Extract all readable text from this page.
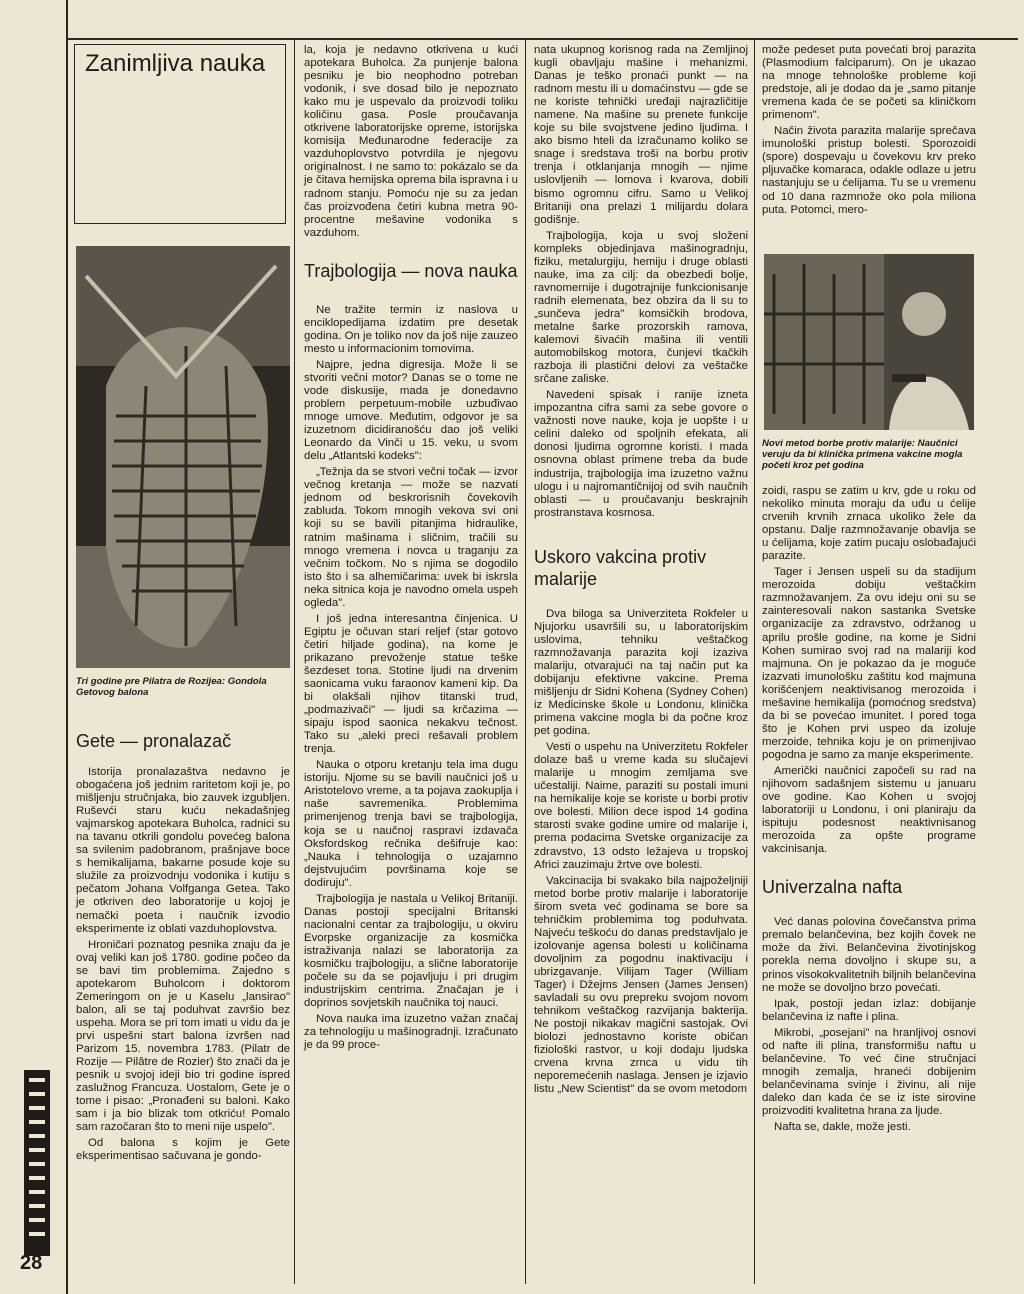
28
Zanimljiva nauka
Tri godine pre Pilatra de Rozijea: Gondola Getovog balona
Gete — pronalazač

Istorija pronalazaštva nedavno je obogaćena još jednim raritetom koji je, po mišljenju stručnjaka, bio zauvek izgubljen. Ruševći staru kuću nekadašnjeg vajmarskog apotekara Buholca, radnici su na tavanu otkrili gondolu povećeg balona sa svilenim padobranom, prašnjave boce s hemikalijama, bakarne posude koje su služile za proizvodnju vodonika i kutiju s pečatom Johana Volfganga Getea. Tako je otkriven deo laboratorije u kojoj je nemački poeta i naučnik izvodio eksperimente iz oblati vazduhoplovstva.

Hroničari poznatog pesnika znaju da je ovaj veliki kan još 1780. godine počeo da se bavi tim problemima. Zajedno s apotekarom Buholcom i doktorom Zemeringom on je u Kaselu „lansirao" balon, ali se taj poduhvat završio bez uspeha. Mora se pri tom imati u vidu da je prvi uspešni start balona izvršen nad Parizom 15. novembra 1783. (Pilatr de Rozije — Pilâtre de Rozier) što znači da je pesnik u svojoj ideji bio tri godine ispred zaslužnog Francuza. Uostalom, Gete je o tome i pisao: „Pronađeni su baloni. Kako sam i ja bio blizak tom otkriću! Pomalo sam razočaran što to meni nije uspelo".

Od balona s kojim je Gete eksperimentisao sačuvana je gondo-

la, koja je nedavno otkrivena u kući apotekara Buholca. Za punjenje balona pesniku je bio neophodno potreban vodonik, i sve dosad bilo je nepoznato kako mu je uspevalo da proizvodi toliku količinu gasa. Posle proučavanja otkrivene laboratorijske opreme, istorijska komisija Međunarodne federacije za vazduhoplovstvo potvrdila je njegovu originalnost. I ne samo to: pokázalo se da je čitava hemijska oprema bila ispravna i u radnom stanju. Pomoću nje su za jedan čas proizvođena četiri kubna metra 90-procentne mešavine vodonika s vazduhom.

Trajbologija — nova nauka

Ne tražite termin iz naslova u enciklopedijama izdatim pre desetak godina. On je toliko nov da još nije zauzeo mesto u informacionim tomovima.

Najpre, jedna digresija. Može li se stvoriti večni motor? Danas se o tome ne vode diskusije, mada je donedavno problem perpetuum-mobile uzbuđivao mnoge umove. Međutim, odgovor je sa izuzetnom dicidiranošću dao još veliki Leonardo da Vinči u 15. veku, u svom delu „Atlantski kodeks":

„Težnja da se stvori večni točak — izvor večnog kretanja — može se nazvati jednom od beskrorisnih čovekovih zabluda. Tokom mnogih vekova svi oni koji su se bavili pitanjima hidraulike, ratnim mašinama i sličnim, tračili su mnogo vremena i novca u traganju za večnim točkom. No s njima se dogodilo isto što i sa alhemičarima: uvek bi iskrsla neka sitnica koja je navodno omela uspeh ogleda".

I još jedna interesantna činjenica. U Egiptu je očuvan stari reljef (star gotovo četiri hiljade godina), na kome je prikazano prevoženje statue teške šezdeset tona. Stotine ljudi na drvenim saonicama vuku faraonov kameni kip. Da bi olakšali njihov titanski trud, „podmazivači" — ljudi sa krčazima — sipaju ispod saonica nekakvu tečnost. Tako su „aleki preci rešavali problem trenja.

Nauka o otporu kretanju tela ima dugu istoriju. Njome su se bavili naučnici još u Aristotelovo vreme, a ta pojava zaokuplja i naše savremenika. Problemima primenjenog trenja bavi se trajbologija, koja se u naučnoj raspravi izdavača Oksfordskog rečnika dešifruje kao: „Nauka i tehnologija o uzajamno dejstvujućim površinama koje se dodiruju".

Trajbologija je nastala u Velikoj Britaniji. Danas postoji specijalni Britanski nacionalni centar za trajbologiju, u okviru Evorpske organizacije za kosmička istraživanja nalazi se laboratorija za kosmičku trajbologiju, a slične laboratorije počele su da se pojavljuju i pri drugim industrijskim centrima. Značajan je i doprinos sovjetskih naučnika toj nauci.

Nova nauka ima izuzetno važan značaj za tehnologiju u mašinogradnji. Izračunato je da 99 proce-

nata ukupnog korisnog rada na Zemljinoj kugli obavljaju mašine i mehanizmi. Danas je teško pronaći punkt — na radnom mestu ili u domaćinstvu — gde se ne koriste tehnički uređaji najrazličitije namene. Na mašine su prenete funkcije koje su bile svojstvene jedino ljudima. I ako bismo hteli da izračunamo koliko se snage i sredstava troši na borbu protiv trenja i otklanjanja mnogih — njime uslovljenih — lomova i kvarova, dobili bismo ogromnu cifru. Samo u Velikoj Britaniji ona prelazi 1 milijardu dolara godišnje.

Trajbologija, koja u svoj složeni kompleks objedinjava mašinogradnju, fiziku, metalurgiju, hemiju i druge oblasti nauke, ima za cilj: da obezbedi bolje, ravnomernije i dugotrajnije funkcionisanje radnih elemenata, bez obzira da li su to „sunčeva jedra" komsičkih brodova, metalne šarke prozorskih ramova, kalemovi šivaćih mašina ili ventili automobilskog motora, čunjevi tkačkih razboja ili plastični delovi za veštačke srčane zaliske.

Navedeni spisak i ranije izneta impozantna cifra sami za sebe govore o važnosti nove nauke, koja je uopšte i u celini daleko od spoljnih efekata, ali donosi ljudima ogromne koristi. I mada osnovna oblast primene treba da bude industrija, trajbologija ima izuzetno važnu ulogu i u najromantičnijoj od svih naučnih oblasti — u proučavanju beskrajnih prostranstava kosmosa.

Uskoro vakcina protiv malarije

Dva biloga sa Univerziteta Rokfeler u Njujorku usavršili su, u laboratorijskim uslovima, tehniku veštačkog razmnožavanja parazita koji izaziva malariju, otvarajući na taj način put ka dobijanju efektivne vakcine. Prema mišljenju dr Sidni Kohena (Sydney Cohen) iz Medicinske škole u Londonu, klinička primena vakcine mogla bi da počne kroz pet godina.

Vesti o uspehu na Univerzitetu Rokfeler dolaze baš u vreme kada su slučajevi malarije u mnogim zemljama sve učestaliji. Naime, paraziti su postali imuni na hemikalije koje se koriste u borbi protiv ove bolesti. Milion dece ispod 14 godina starosti svake godine umire od malarije i, prema podacima Svetske organizacije za zdravstvo, 13 odsto ležajeva u tropskoj Africi zauzimaju žrtve ove bolesti.

Vakcinacija bi svakako bila najpoželjniji metod borbe protiv malarije i laboratorije širom sveta već godinama se bore sa tehničkim problemima tog poduhvata. Najveću teškoću do danas predstavljalo je izolovanje agensa bolesti u količinama dovoljnim za pogodnu inaktivaciju i ubrizgavanje. Vilijam Tager (William Tager) i Džejms Jensen (James Jensen) savladali su ovu prepreku svojom novom tehnikom veštačkog razvijanja bakterija. Ne postoji nikakav magični sastojak. Ovi biolozi jednostavno koriste običan fiziološki rastvor, u koji dodaju ljudska crvena krvna zrnca u vidu tih neporemećenih naslaga. Jensen je izjavio listu „New Scientist" da se ovom metodom

može pedeset puta povećati broj parazita (Plasmodium falciparum). On je ukazao na mnoge tehnološke probleme koji predstoje, ali je dodao da je „samo pitanje vremena kada će se početi sa kliničkom primenom".

Način života parazita malarije sprečava imunološki pristup bolesti. Sporozoidi (spore) dospevaju u čovekovu krv preko pljuvačke komaraca, odakle odlaze u jetru nastanjuju se u ćelijama. Tu se u vremenu od 10 dana razmnože oko pola miliona puta. Potomci, mero-

Novi metod borbe protiv malarije: Naučnici veruju da bi klinička primena vakcine mogla početi kroz pet godina

zoidi, raspu se zatim u krv, gde u roku od nekoliko minuta moraju da uđu u ćelije crvenih krvnih zrnaca ukoliko žele da opstanu. Dalje razmnožavanje obavlja se u ćelijama, koje zatim pucaju oslobađajući parazite.

Tager i Jensen uspeli su da stadijum merozoida dobiju veštačkim razmnožavanjem. Za ovu ideju oni su se zainteresovali nakon sastanka Svetske organizacije za zdravstvo, održanog u aprilu prošle godine, na kome je Sidni Kohen sumirao svoj rad na malariji kod majmuna. On je pokazao da je moguće izazvati imunološku zaštitu kod majmuna korišćenjem neaktivisanog merozoida i mešavine hemikalija (pomoćnog sredstva) da bi se povećao imunitet. I pored toga što je Kohen prvi uspeo da izoluje merzoide, tehnika koju je on primenjivao pogodna je samo za manje eksperimente.

Američki naučnici započeli su rad na njihovom sadašnjem sistemu u januaru ove godine. Kao Kohen u svojoj laboratoriji u Londonu, i oni planiraju da ispituju podesnost neaktivnisanog merozoida za opšte programe vakcinisanja.

Univerzalna nafta

Već danas polovina čovečanstva prima premalo belančevina, bez kojih čovek ne može da živi. Belančevina životinjskog porekla nema dovoljno i skupe su, a prinos visokokvalitetnih biljnih belančevina ne može se dovoljno brzo povećati.

Ipak, postoji jedan izlaz: dobijanje belančevina iz nafte i plina.

Mikrobi, „posejani" na hranljivoj osnovi od nafte ili plina, transformišu naftu u belančevine. To već čine stručnjaci mnogih zemalja, hraneći dobijenim belančevinama svinje i živinu, ali nije daleko dan kada će se iz iste sirovine proizvoditi kvalitetna hrana za ljude.

Nafta se, dakle, može jesti.
